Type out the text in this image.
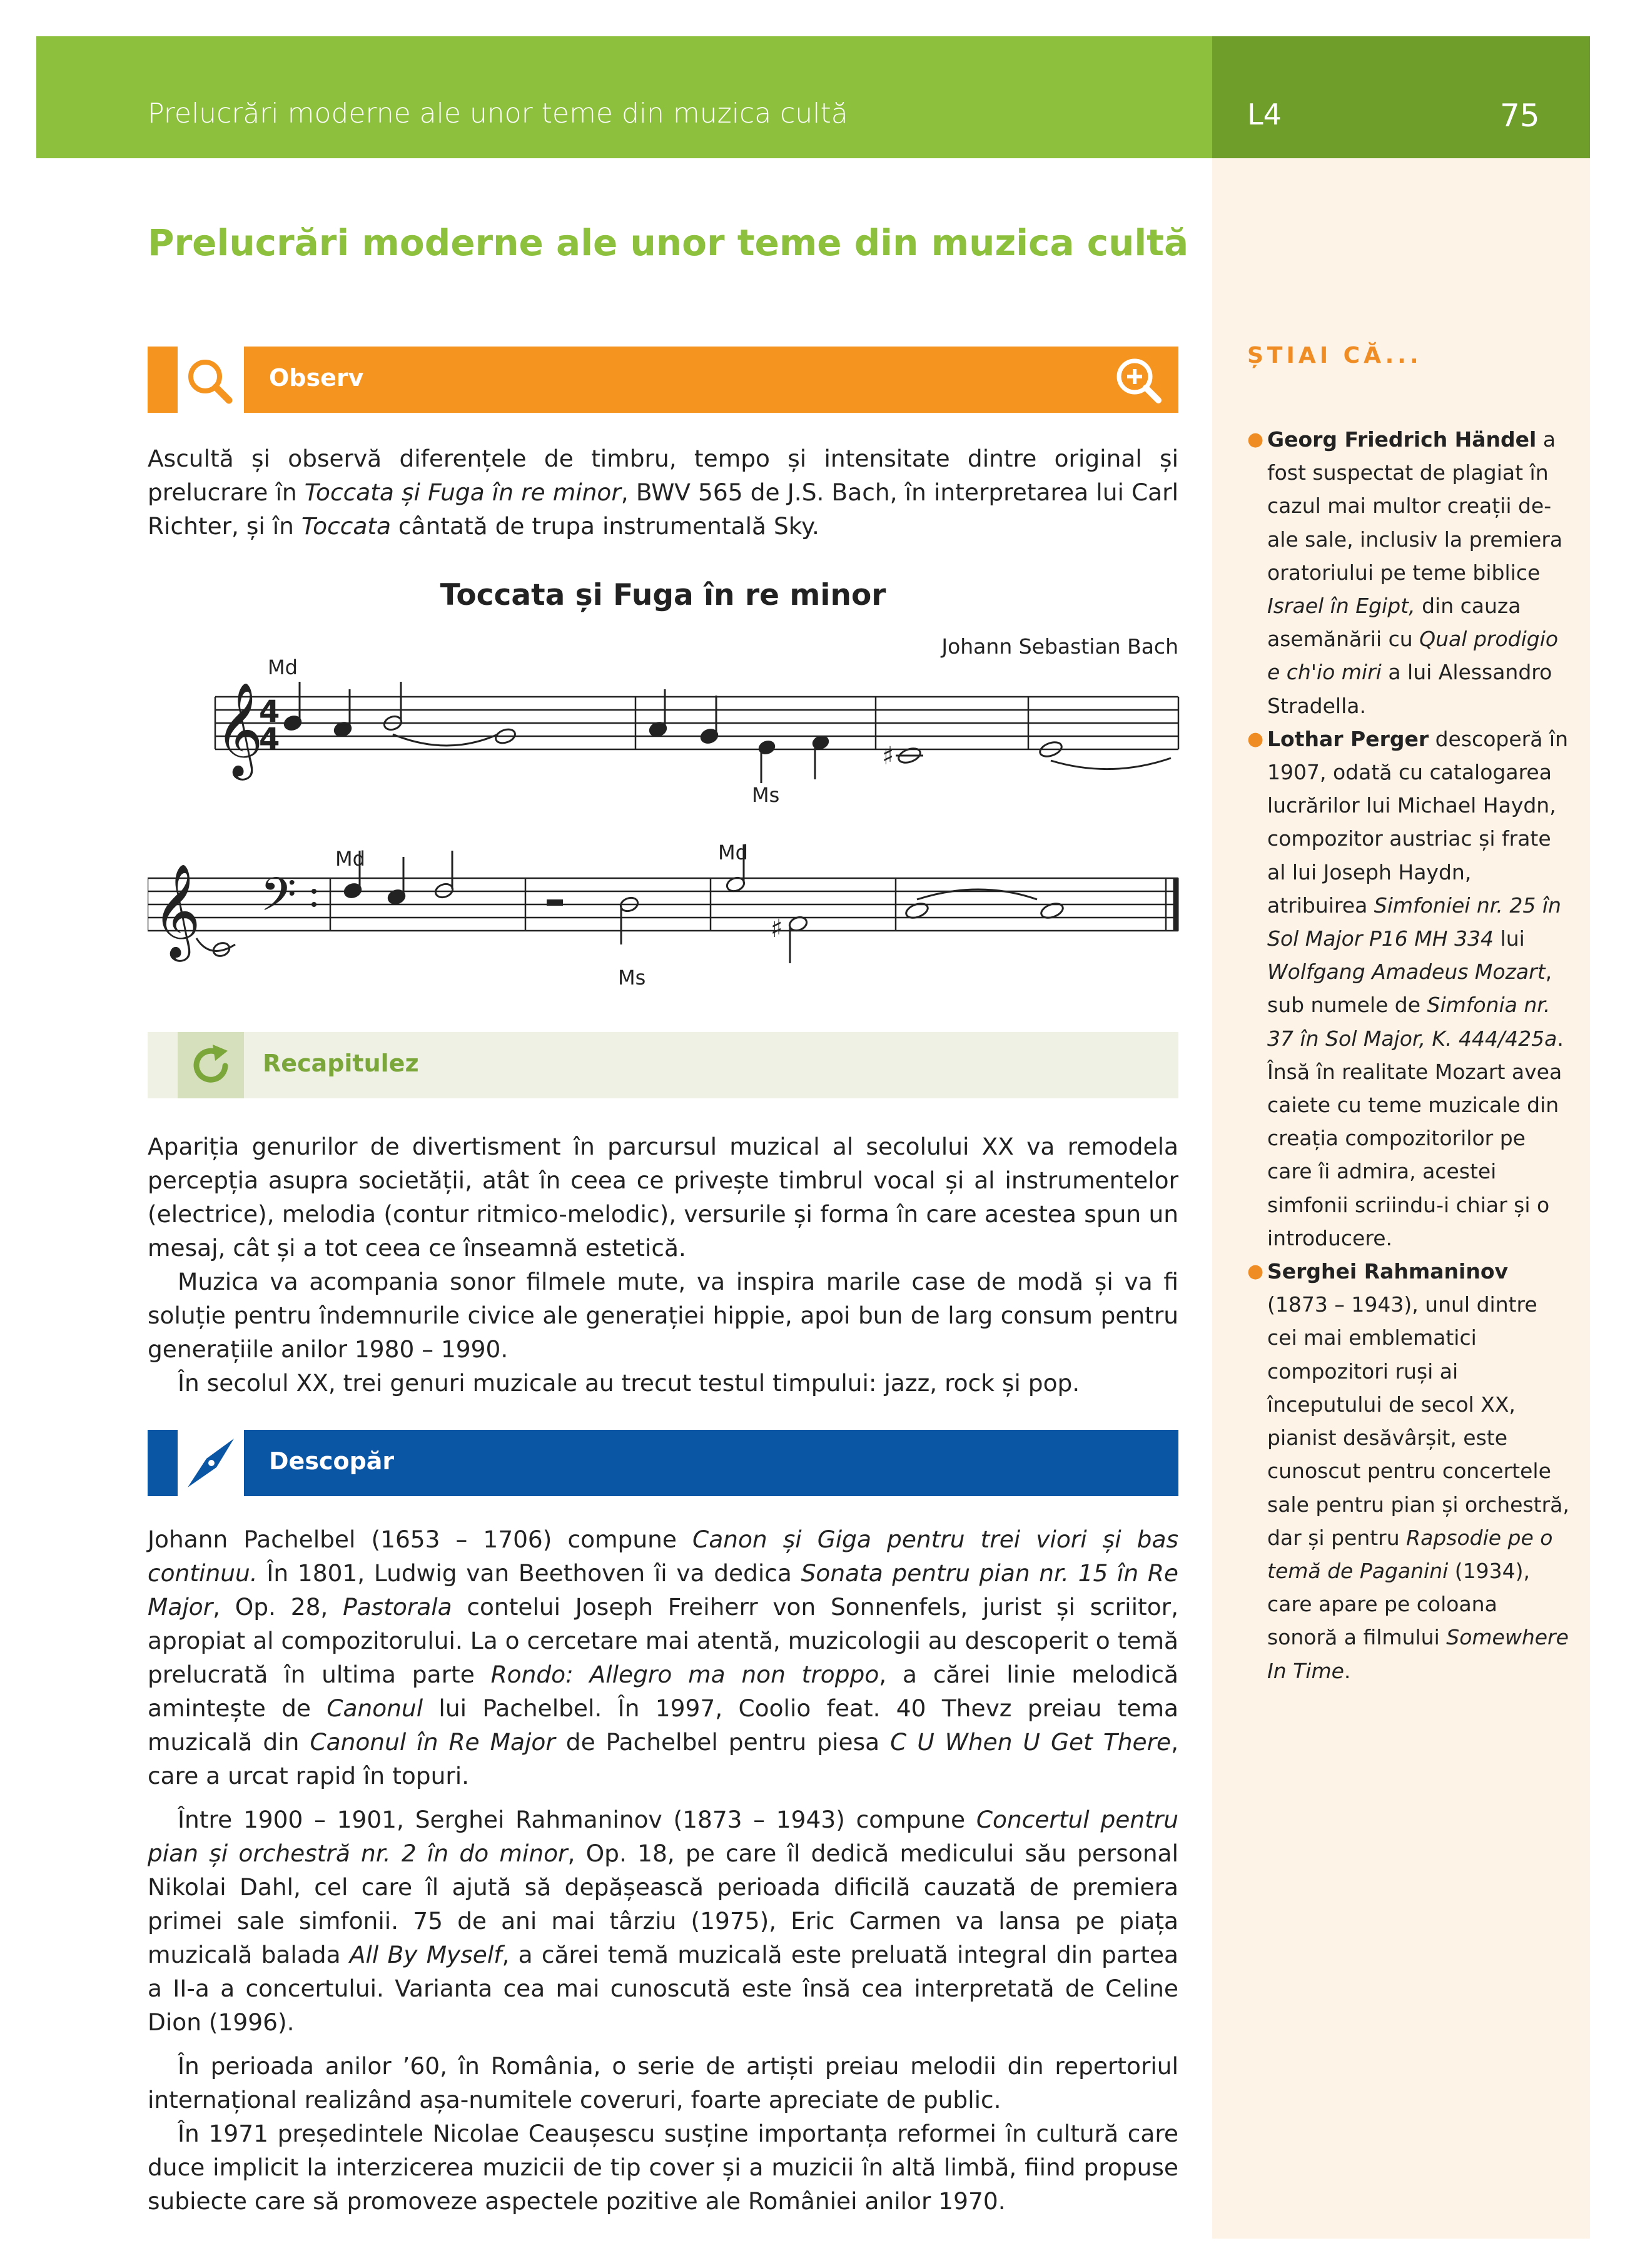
Prelucrări moderne ale unor teme din muzica cultă	L4	75
ȘTIAI CĂ...
● Georg Friedrich Händel a fost suspectat de plagiat în cazul mai multor creații de-ale sale, inclusiv la premiera oratoriului pe teme biblice Israel în Egipt, din cauza asemănării cu Qual prodigio e ch'io miri a lui Alessandro Stradella.
● Lothar Perger descoperă în 1907, odată cu catalogarea lucrărilor lui Michael Haydn, compozitor austriac și frate al lui Joseph Haydn, atribuirea Simfoniei nr. 25 în Sol Major P16 MH 334 lui Wolfgang Amadeus Mozart, sub numele de Simfonia nr. 37 în Sol Major, K. 444/425a. Însă în realitate Mozart avea caiete cu teme muzicale din creația compozitorilor pe care îi admira, acestei simfonii scriindu-i chiar și o introducere.
● Serghei Rahmaninov (1873 – 1943), unul dintre cei mai emblematici compozitori ruși ai începutului de secol XX, pianist desăvârșit, este cunoscut pentru concertele sale pentru pian și orchestră, dar și pentru Rapsodie pe o temă de Paganini (1934), care apare pe coloana sonoră a filmului Somewhere In Time.
Prelucrări moderne ale unor teme din muzica cultă
Observ

Ascultă și observă diferențele de timbru, tempo și intensitate dintre original și prelucrare în Toccata și Fuga în re minor, BWV 565 de J.S. Bach, în interpretarea lui Carl Richter, și în Toccata cântată de trupa instrumentală Sky.

Toccata și Fuga în re minor
Johann Sebastian Bach
𝄞
4
4
Md
♯
Ms
𝄞 𝄢
Md	Md
♯
Ms
Recapitulez

Apariția genurilor de divertisment în parcursul muzical al secolului XX va remodela percepția asupra societății, atât în ceea ce privește timbrul vocal și al instrumentelor (electrice), melodia (contur ritmico-melodic), versurile și forma în care acestea spun un mesaj, cât și a tot ceea ce înseamnă estetică.

Muzica va acompania sonor filmele mute, va inspira marile case de modă și va fi soluție pentru îndemnurile civice ale generației hippie, apoi bun de larg consum pentru generațiile anilor 1980 – 1990.

În secolul XX, trei genuri muzicale au trecut testul timpului: jazz, rock și pop.

Descopăr

Johann Pachelbel (1653 – 1706) compune Canon și Giga pentru trei viori și bas continuu. În 1801, Ludwig van Beethoven îi va dedica Sonata pentru pian nr. 15 în Re Major, Op. 28, Pastorala contelui Joseph Freiherr von Sonnenfels, jurist și scriitor, apropiat al compozitorului. La o cercetare mai atentă, muzicologii au descoperit o temă prelucrată în ultima parte Rondo: Allegro ma non troppo, a cărei linie melodică amintește de Canonul lui Pachelbel. În 1997, Coolio feat. 40 Thevz preiau tema muzicală din Canonul în Re Major de Pachelbel pentru piesa C U When U Get There, care a urcat rapid în topuri.

Între 1900 – 1901, Serghei Rahmaninov (1873 – 1943) compune Concertul pentru pian și orchestră nr. 2 în do minor, Op. 18, pe care îl dedică medicului său personal Nikolai Dahl, cel care îl ajută să depășească perioada dificilă cauzată de premiera primei sale simfonii. 75 de ani mai târziu (1975), Eric Carmen va lansa pe piața muzicală balada All By Myself, a cărei temă muzicală este preluată integral din partea a II-a a concertului. Varianta cea mai cunoscută este însă cea interpretată de Celine Dion (1996).

În perioada anilor ’60, în România, o serie de artiști preiau melodii din repertoriul internațional realizând așa-numitele coveruri, foarte apreciate de public.

În 1971 președintele Nicolae Ceaușescu susține importanța reformei în cultură care duce implicit la interzicerea muzicii de tip cover și a muzicii în altă limbă, fiind propuse subiecte care să promoveze aspectele pozitive ale României anilor 1970.
